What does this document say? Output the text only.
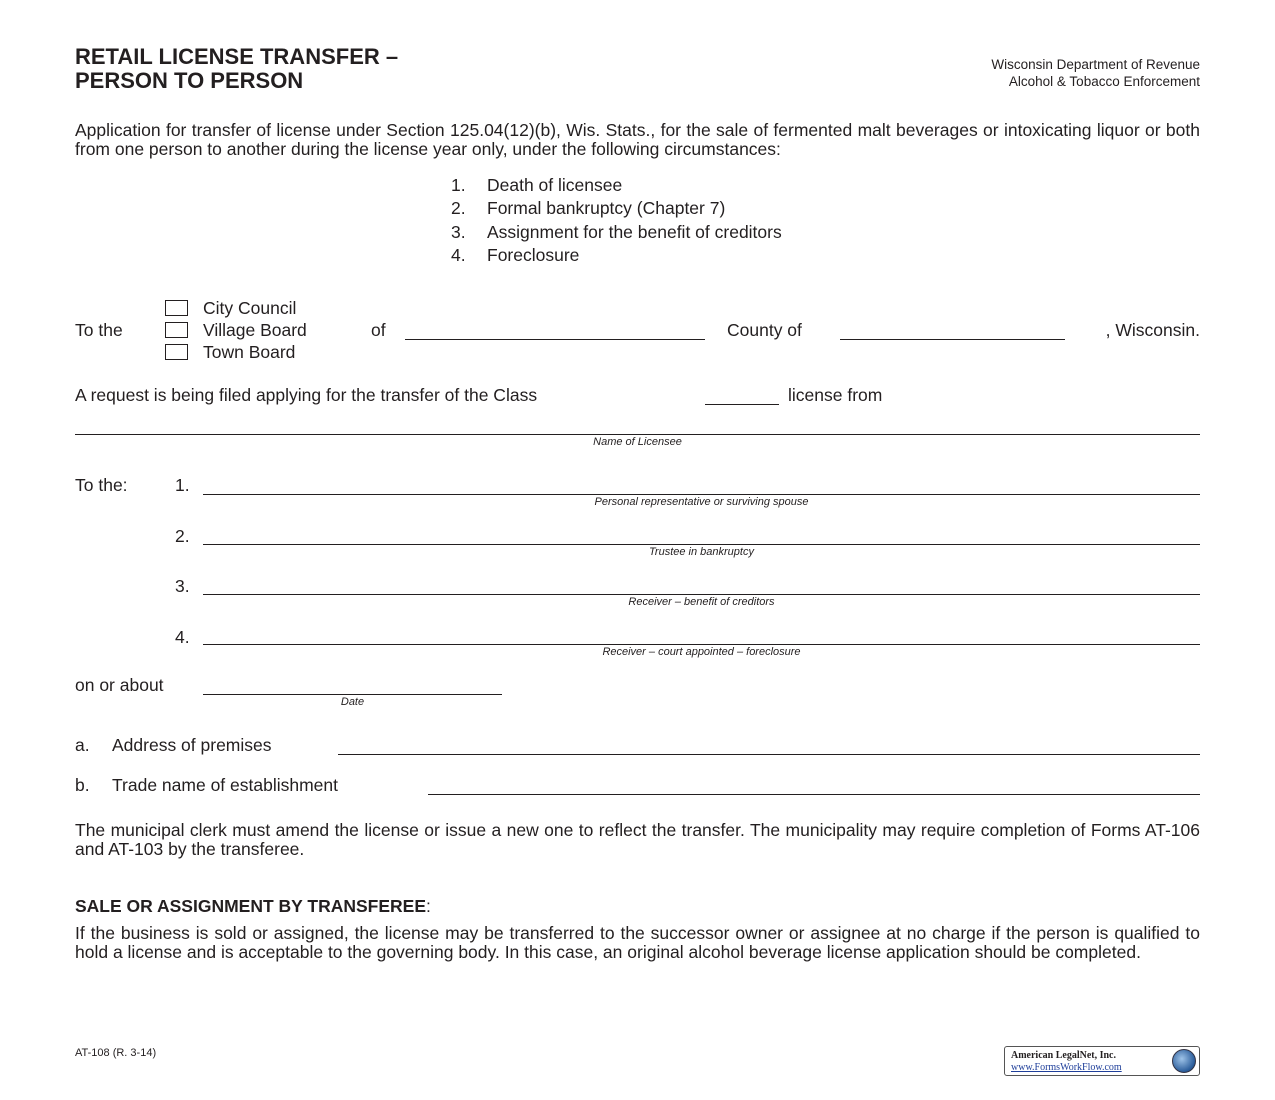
RETAIL LICENSE TRANSFER –
PERSON TO PERSON
Wisconsin Department of Revenue
Alcohol & Tobacco Enforcement
Application for transfer of license under Section 125.04(12)(b), Wis. Stats., for the sale of fermented malt beverages or intoxicating liquor or both from one person to another during the license year only, under the following circumstances:
1. Death of licensee
2. Formal bankruptcy (Chapter 7)
3. Assignment for the benefit of creditors
4. Foreclosure
To the
City Council
Village Board
Town Board
of	County of	, Wisconsin.
A request is being filed applying for the transfer of the Class	license from
Name of Licensee
To the:	1.
Personal representative or surviving spouse
2.
Trustee in bankruptcy
3.
Receiver – benefit of creditors
4.
Receiver – court appointed – foreclosure
on or about
Date
a. Address of premises
b. Trade name of establishment
The municipal clerk must amend the license or issue a new one to reflect the transfer. The municipality may require completion of Forms AT-106 and AT-103 by the transferee.
SALE OR ASSIGNMENT BY TRANSFEREE:
If the business is sold or assigned, the license may be transferred to the successor owner or assignee at no charge if the person is qualified to hold a license and is acceptable to the governing body. In this case, an original alcohol beverage license application should be completed.
AT-108 (R. 3-14)	American LegalNet, Inc.
www.FormsWorkFlow.com
